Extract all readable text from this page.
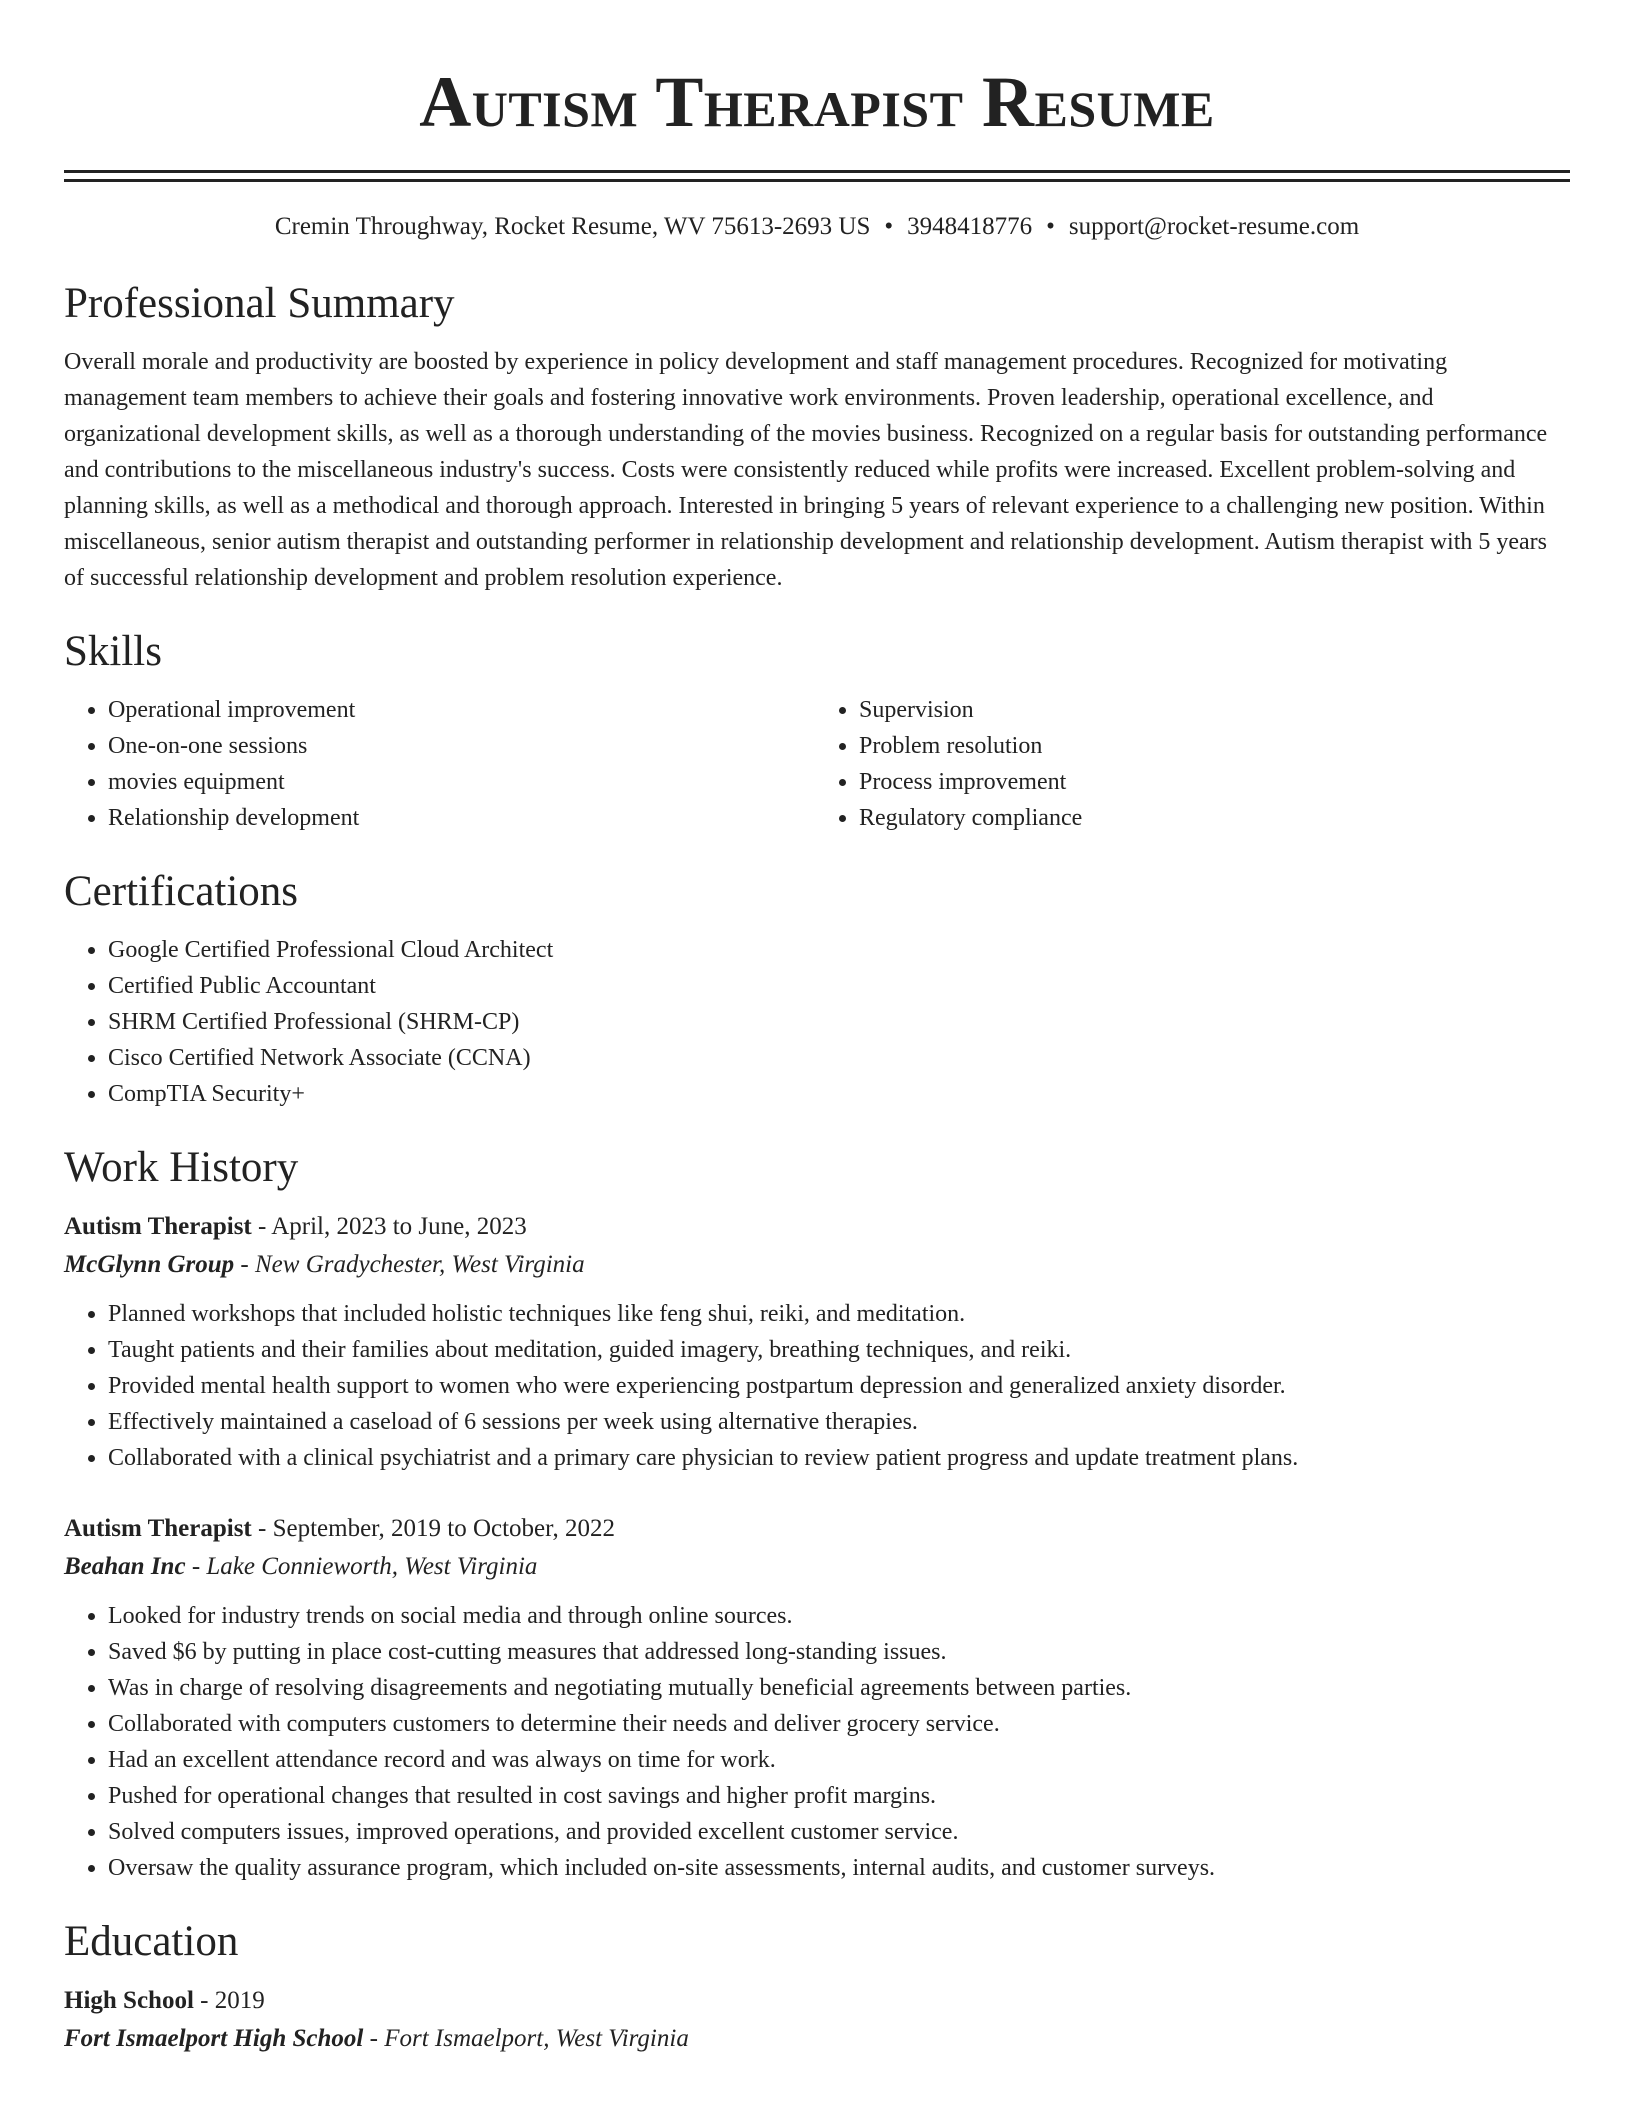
Autism Therapist Resume
Cremin Throughway, Rocket Resume, WV 75613-2693 US • 3948418776 • support@rocket-resume.com
Professional Summary
Overall morale and productivity are boosted by experience in policy development and staff management procedures. Recognized for motivating management team members to achieve their goals and fostering innovative work environments. Proven leadership, operational excellence, and organizational development skills, as well as a thorough understanding of the movies business. Recognized on a regular basis for outstanding performance and contributions to the miscellaneous industry's success. Costs were consistently reduced while profits were increased. Excellent problem-solving and planning skills, as well as a methodical and thorough approach. Interested in bringing 5 years of relevant experience to a challenging new position. Within miscellaneous, senior autism therapist and outstanding performer in relationship development and relationship development. Autism therapist with 5 years of successful relationship development and problem resolution experience.
Skills
• Operational improvement
• One-on-one sessions
• movies equipment
• Relationship development
• Supervision
• Problem resolution
• Process improvement
• Regulatory compliance
Certifications
• Google Certified Professional Cloud Architect
• Certified Public Accountant
• SHRM Certified Professional (SHRM-CP)
• Cisco Certified Network Associate (CCNA)
• CompTIA Security+
Work History
Autism Therapist - April, 2023 to June, 2023
McGlynn Group - New Gradychester, West Virginia
• Planned workshops that included holistic techniques like feng shui, reiki, and meditation.
• Taught patients and their families about meditation, guided imagery, breathing techniques, and reiki.
• Provided mental health support to women who were experiencing postpartum depression and generalized anxiety disorder.
• Effectively maintained a caseload of 6 sessions per week using alternative therapies.
• Collaborated with a clinical psychiatrist and a primary care physician to review patient progress and update treatment plans.
Autism Therapist - September, 2019 to October, 2022
Beahan Inc - Lake Connieworth, West Virginia
• Looked for industry trends on social media and through online sources.
• Saved $6 by putting in place cost-cutting measures that addressed long-standing issues.
• Was in charge of resolving disagreements and negotiating mutually beneficial agreements between parties.
• Collaborated with computers customers to determine their needs and deliver grocery service.
• Had an excellent attendance record and was always on time for work.
• Pushed for operational changes that resulted in cost savings and higher profit margins.
• Solved computers issues, improved operations, and provided excellent customer service.
• Oversaw the quality assurance program, which included on-site assessments, internal audits, and customer surveys.
Education
High School - 2019
Fort Ismaelport High School - Fort Ismaelport, West Virginia
